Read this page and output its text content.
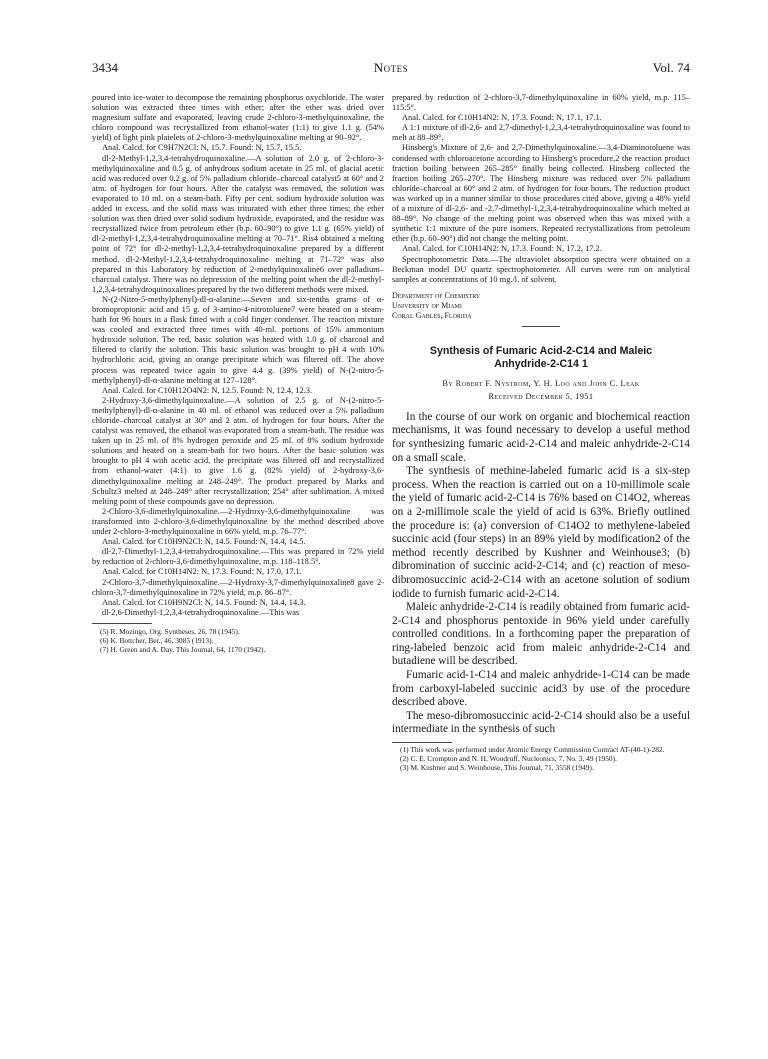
3434	Notes	Vol. 74

poured into ice-water to decompose the remaining phosphorus oxychloride. The water solution was extracted three times with ether; after the ether was dried over magnesium sulfate and evaporated, leaving crude 2-chloro-3-methylquinoxaline, the chloro compound was recrystallized from ethanol-water (1:1) to give 1.1 g. (54% yield) of light pink platelets of 2-chloro-3-methylquinoxaline melting at 90–92°.

Anal. Calcd. for C9H7N2Cl: N, 15.7. Found: N, 15.7, 15.5.

dl-2-Methyl-1,2,3,4-tetrahydroquinoxaline.—A solution of 2.0 g. of 2-chloro-3-methylquinoxaline and 0.5 g. of anhydrous sodium acetate in 25 ml. of glacial acetic acid was reduced over 0.2 g. of 5% palladium chloride–charcoal catalyst5 at 60° and 2 atm. of hydrogen for four hours. After the catalyst was removed, the solution was evaporated to 10 ml. on a steam-bath. Fifty per cent. sodium hydroxide solution was added in excess, and the solid mass was triturated with ether three times; the ether solution was then dried over solid sodium hydroxide, evaporated, and the residue was recrystallized twice from petroleum ether (b.p. 60–90°) to give 1.1 g. (65% yield) of dl-2-methyl-1,2,3,4-tetrahydroquinoxaline melting at 70–71°. Ris4 obtained a melting point of 72° for dl-2-methyl-1,2,3,4-tetrahydroquinoxaline prepared by a different method. dl-2-Methyl-1,2,3,4-tetrahydroquinoxaline melting at 71–72° was also prepared in this Laboratory by reduction of 2-methylquinoxaline6 over palladium–charcoal catalyst. There was no depression of the melting point when the dl-2-methyl-1,2,3,4-tetrahydroquinoxalines prepared by the two different methods were mixed.

N-(2-Nitro-5-methylphenyl)-dl-α-alanine.—Seven and six-tenths grams of α-bromopropionic acid and 15 g. of 3-amino-4-nitrotoluene7 were heated on a steam-bath for 96 hours in a flask fitted with a cold finger condenser. The reaction mixture was cooled and extracted three times with 40-ml. portions of 15% ammonium hydroxide solution. The red, basic solution was heated with 1.0 g. of charcoal and filtered to clarify the solution. This basic solution was brought to pH 4 with 10% hydrochloric acid, giving an orange precipitate which was filtered off. The above process was repeated twice again to give 4.4 g. (39% yield) of N-(2-nitro-5-methylphenyl)-dl-α-alanine melting at 127–128°.

Anal. Calcd. for C10H12O4N2: N, 12.5. Found: N, 12.4, 12.3.

2-Hydroxy-3,6-dimethylquinoxaline.—A solution of 2.5 g. of N-(2-nitro-5-methylphenyl)-dl-α-alanine in 40 ml. of ethanol was reduced over a 5% palladium chloride–charcoal catalyst at 30° and 2 atm. of hydrogen for four hours. After the catalyst was removed, the ethanol was evaporated from a steam-bath. The residue was taken up in 25 ml. of 8% hydrogen peroxide and 25 ml. of 8% sodium hydroxide solutions and heated on a steam-bath for two hours. After the basic solution was brought to pH 4 with acetic acid, the precipitate was filtered off and recrystallized from ethanol-water (4:1) to give 1.6 g. (82% yield) of 2-hydroxy-3,6-dimethylquinoxaline melting at 248–249°. The product prepared by Marks and Schultz3 melted at 248–249° after recrystallization; 254° after sublimation. A mixed melting point of these compounds gave no depression.

2-Chloro-3,6-dimethylquinoxaline.—2-Hydroxy-3,6-dimethylquinoxaline was transformed into 2-chloro-3,6-dimethylquinoxaline by the method described above under 2-chloro-3-methylquinoxaline in 66% yield, m.p. 76–77°.

Anal. Calcd. for C10H9N2Cl: N, 14.5. Found: N, 14.4, 14.5.

dl-2,7-Dimethyl-1,2,3,4-tetrahydroquinoxaline.—This was prepared in 72% yield by reduction of 2-chloro-3,6-dimethylquinoxaline, m.p. 118–118.5°.

Anal. Calcd. for C10H14N2: N, 17.3. Found: N, 17.0, 17.1.

2-Chloro-3,7-dimethylquinoxaline.—2-Hydroxy-3,7-dimethylquinoxaline8 gave 2-chloro-3,7-dimethylquinoxaline in 72% yield, m.p. 86–87°.

Anal. Calcd. for C10H9N2Cl: N, 14.5. Found: N, 14.4, 14.3.

dl-2,6-Dimethyl-1,2,3,4-tetrahydroquinoxaline.—This was

(5) R. Mozingo, Org. Syntheses, 26, 78 (1945).

(6) K. Bottcher, Ber., 46, 3085 (1913).

(7) H. Green and A. Day, This Journal, 64, 1170 (1942).

prepared by reduction of 2-chloro-3,7-dimethylquinoxaline in 60% yield, m.p. 115–115.5°.

Anal. Calcd. for C10H14N2: N, 17.3. Found: N, 17.1, 17.1.

A 1:1 mixture of dl-2,6- and 2,7-dimethyl-1,2,3,4-tetrahydroquinoxaline was found to melt at 88–89°.

Hinsberg's Mixture of 2,6- and 2,7-Dimethylquinoxaline.—3,4-Diaminotoluene was condensed with chloroacetone according to Hinsberg's procedure,2 the reaction product fraction boiling between 265–285° finally being collected. Hinsberg collected the fraction boiling 265–270°. The Hinsberg mixture was reduced over 5% palladium chloride–charcoal at 60° and 2 atm. of hydrogen for four hours. The reduction product was worked up in a manner similar to those procedures cited above, giving a 48% yield of a mixture of dl-2,6- and -2,7-dimethyl-1,2,3,4-tetrahydroquinoxaline which melted at 88–89°. No change of the melting point was observed when this was mixed with a synthetic 1:1 mixture of the pure isomers. Repeated recrystallizations from petroleum ether (b.p. 60–90°) did not change the melting point.

Anal. Calcd. for C10H14N2: N, 17.3. Found: N, 17.2, 17.2.

Spectrophotometric Data.—The ultraviolet absorption spectra were obtained on a Beckman model DU quartz spectrophotometer. All curves were run on analytical samples at concentrations of 10 mg./l. of solvent.

Department of Chemistry
University of Miami
Coral Gables, Florida
Synthesis of Fumaric Acid-2-C14 and Maleic
Anhydride-2-C14 1
By Robert F. Nystrom, Y. H. Loo and John C. Leak
Received December 5, 1951

In the course of our work on organic and biochemical reaction mechanisms, it was found necessary to develop a useful method for synthesizing fumaric acid-2-C14 and maleic anhydride-2-C14 on a small scale.

The synthesis of methine-labeled fumaric acid is a six-step process. When the reaction is carried out on a 10-millimole scale the yield of fumaric acid-2-C14 is 76% based on C14O2, whereas on a 2-millimole scale the yield of acid is 63%. Briefly outlined the procedure is: (a) conversion of C14O2 to methylene-labeled succinic acid (four steps) in an 89% yield by modification2 of the method recently described by Kushner and Weinhouse3; (b) dibromination of succinic acid-2-C14; and (c) reaction of meso-dibromosuccinic acid-2-C14 with an acetone solution of sodium iodide to furnish fumaric acid-2-C14.

Maleic anhydride-2-C14 is readily obtained from fumaric acid-2-C14 and phosphorus pentoxide in 96% yield under carefully controlled conditions. In a forthcoming paper the preparation of ring-labeled benzoic acid from maleic anhydride-2-C14 and butadiene will be described.

Fumaric acid-1-C14 and maleic anhydride-1-C14 can be made from carboxyl-labeled succinic acid3 by use of the procedure described above.

The meso-dibromosuccinic acid-2-C14 should also be a useful intermediate in the synthesis of such

(1) This work was performed under Atomic Energy Commission Contract AT-(40-1)-282.

(2) C. E. Crompton and N. H. Woodruff, Nucleonics, 7, No. 3, 49 (1950).

(3) M. Kushner and S. Weinhouse, This Journal, 71, 3558 (1949).
